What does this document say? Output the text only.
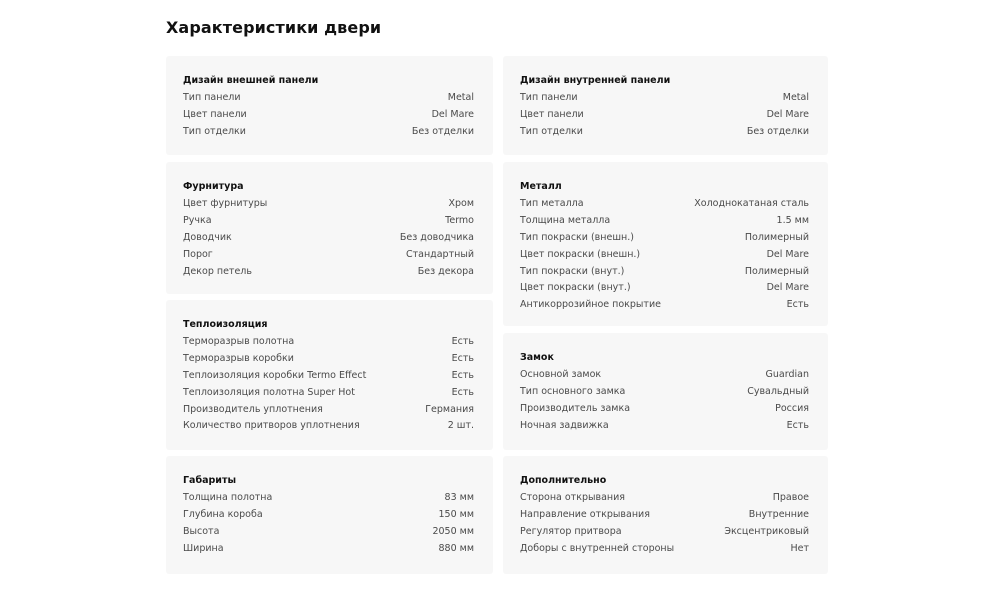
Характеристики двери
Дизайн внешней панели
Тип панели	Metal
Цвет панели	Del Mare
Тип отделки	Без отделки
Дизайн внутренней панели
Тип панели	Metal
Цвет панели	Del Mare
Тип отделки	Без отделки
Фурнитура
Цвет фурнитуры	Хром
Ручка	Termo
Доводчик	Без доводчика
Порог	Стандартный
Декор петель	Без декора
Металл
Тип металла	Холоднокатаная сталь
Толщина металла	1.5 мм
Тип покраски (внешн.)	Полимерный
Цвет покраски (внешн.)	Del Mare
Тип покраски (внут.)	Полимерный
Цвет покраски (внут.)	Del Mare
Антикоррозийное покрытие	Есть
Теплоизоляция
Терморазрыв полотна	Есть
Терморазрыв коробки	Есть
Теплоизоляция коробки Termo Effect	Есть
Теплоизоляция полотна Super Hot	Есть
Производитель уплотнения	Германия
Количество притворов уплотнения	2 шт.
Замок
Основной замок	Guardian
Тип основного замка	Сувальдный
Производитель замка	Россия
Ночная задвижка	Есть
Габариты
Толщина полотна	83 мм
Глубина короба	150 мм
Высота	2050 мм
Ширина	880 мм
Дополнительно
Сторона открывания	Правое
Направление открывания	Внутренние
Регулятор притвора	Эксцентриковый
Доборы с внутренней стороны	Нет
